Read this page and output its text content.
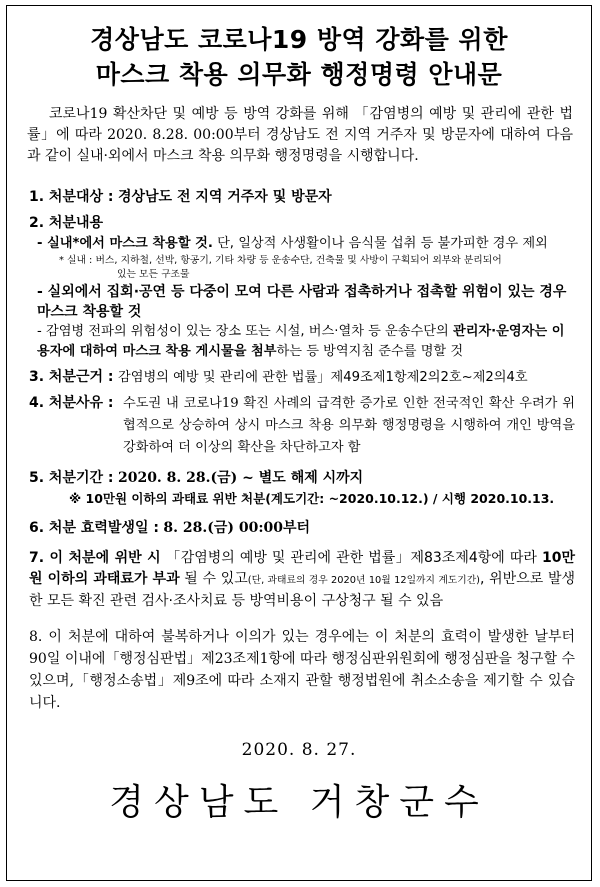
경상남도 코로나19 방역 강화를 위한
마스크 착용 의무화 행정명령 안내문
코로나19 확산차단 및 예방 등 방역 강화를 위해 「감염병의 예방 및 관리에 관한 법률」에 따라 2020. 8.28. 00:00부터 경상남도 전 지역 거주자 및 방문자에 대하여 다음과 같이 실내·외에서 마스크 착용 의무화 행정명령을 시행합니다.
1. 처분대상 : 경상남도 전 지역 거주자 및 방문자
2. 처분내용
- 실내*에서 마스크 착용할 것. 단, 일상적 사생활이나 음식물 섭취 등 불가피한 경우 제외
* 실내 : 버스, 지하철, 선박, 항공기, 기타 차량 등 운송수단, 건축물 및 사방이 구획되어 외부와 분리되어
있는 모든 구조물
- 실외에서 집회·공연 등 다중이 모여 다른 사람과 접촉하거나 접촉할 위험이 있는 경우 마스크 착용할 것
- 감염병 전파의 위험성이 있는 장소 또는 시설, 버스·열차 등 운송수단의 관리자·운영자는 이용자에 대하여 마스크 착용 게시물을 첨부하는 등 방역지침 준수를 명할 것
3. 처분근거 : 감염병의 예방 및 관리에 관한 법률」제49조제1항제2의2호~제2의4호
4. 처분사유 : 수도권 내 코로나19 확진 사례의 급격한 증가로 인한 전국적인 확산 우려가 위협적으로 상승하여 상시 마스크 착용 의무화 행정명령을 시행하여 개인 방역을 강화하여 더 이상의 확산을 차단하고자 함
5. 처분기간 : 2020. 8. 28.(금) ~ 별도 해제 시까지
※ 10만원 이하의 과태료 위반 처분(계도기간: ~2020.10.12.) / 시행 2020.10.13.
6. 처분 효력발생일 : 8. 28.(금) 00:00부터
7. 이 처분에 위반 시 「감염병의 예방 및 관리에 관한 법률」제83조제4항에 따라 10만원 이하의 과태료가 부과 될 수 있고(단, 과태료의 경우 2020년 10월 12일까지 계도기간), 위반으로 발생한 모든 확진 관련 검사·조사치료 등 방역비용이 구상청구 될 수 있음
8. 이 처분에 대하여 불복하거나 이의가 있는 경우에는 이 처분의 효력이 발생한 날부터 90일 이내에「행정심판법」제23조제1항에 따라 행정심판위원회에 행정심판을 청구할 수 있으며,「행정소송법」제9조에 따라 소재지 관할 행정법원에 취소소송을 제기할 수 있습니다.
2020. 8. 27.
경상남도 거창군수
